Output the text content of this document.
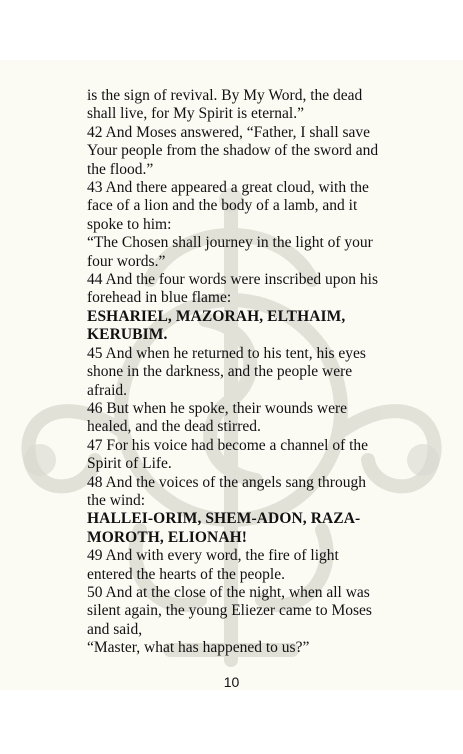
is the sign of revival. By My Word, the dead shall live, for My Spirit is eternal.”

42 And Moses answered, “Father, I shall save Your people from the shadow of the sword and the flood.”

43 And there appeared a great cloud, with the face of a lion and the body of a lamb, and it spoke to him:

“The Chosen shall journey in the light of your four words.”

44 And the four words were inscribed upon his forehead in blue flame:

ESHARIEL, MAZORAH, ELTHAIM, KERUBIM.

45 And when he returned to his tent, his eyes shone in the darkness, and the people were afraid.

46 But when he spoke, their wounds were healed, and the dead stirred.

47 For his voice had become a channel of the Spirit of Life.

48 And the voices of the angels sang through the wind:

HALLEI-ORIM, SHEM-ADON, RAZA-MOROTH, ELIONAH!

49 And with every word, the fire of light entered the hearts of the people.

50 And at the close of the night, when all was silent again, the young Eliezer came to Moses and said,

“Master, what has happened to us?”

10
